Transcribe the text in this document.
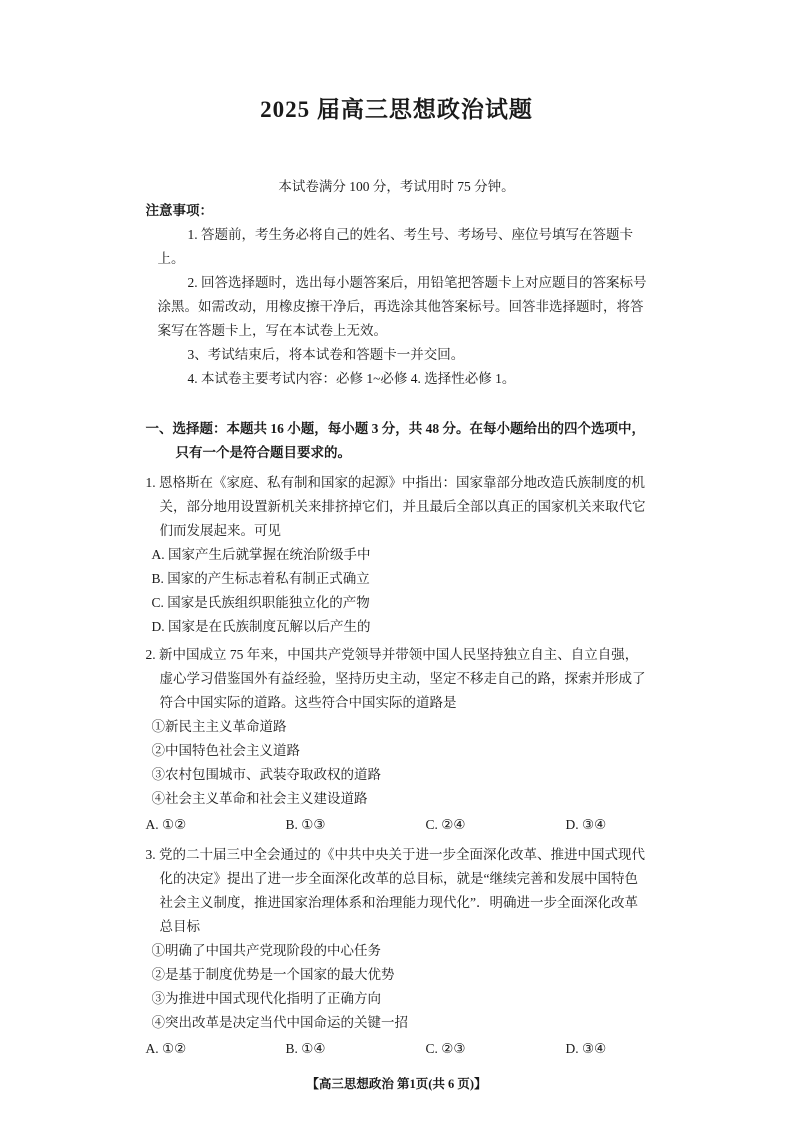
2025 届高三思想政治试题

本试卷满分 100 分，考试用时 75 分钟。

注意事项：

1. 答题前，考生务必将自己的姓名、考生号、考场号、座位号填写在答题卡上。

2. 回答选择题时，选出每小题答案后，用铅笔把答题卡上对应题目的答案标号涂黑。如需改动，用橡皮擦干净后，再选涂其他答案标号。回答非选择题时，将答案写在答题卡上，写在本试卷上无效。

3、考试结束后，将本试卷和答题卡一并交回。

4. 本试卷主要考试内容：必修 1~必修 4. 选择性必修 1。

一、选择题：本题共 16 小题，每小题 3 分，共 48 分。在每小题给出的四个选项中，只有一个是符合题目要求的。

1. 恩格斯在《家庭、私有制和国家的起源》中指出：国家靠部分地改造氏族制度的机关，部分地用设置新机关来排挤掉它们，并且最后全部以真正的国家机关来取代它们而发展起来。可见

A. 国家产生后就掌握在统治阶级手中

B. 国家的产生标志着私有制正式确立

C. 国家是氏族组织职能独立化的产物

D. 国家是在氏族制度瓦解以后产生的

2. 新中国成立 75 年来，中国共产党领导并带领中国人民坚持独立自主、自立自强，虚心学习借鉴国外有益经验，坚持历史主动，坚定不移走自己的路，探索并形成了符合中国实际的道路。这些符合中国实际的道路是

①新民主主义革命道路

②中国特色社会主义道路

③农村包围城市、武装夺取政权的道路

④社会主义革命和社会主义建设道路

A. ①②	B. ①③	C. ②④	D. ③④

3. 党的二十届三中全会通过的《中共中央关于进一步全面深化改革、推进中国式现代化的决定》提出了进一步全面深化改革的总目标，就是“继续完善和发展中国特色社会主义制度，推进国家治理体系和治理能力现代化”．明确进一步全面深化改革总目标

①明确了中国共产党现阶段的中心任务

②是基于制度优势是一个国家的最大优势

③为推进中国式现代化指明了正确方向

④突出改革是决定当代中国命运的关键一招

A. ①②	B. ①④	C. ②③	D. ③④

【高三思想政治 第1页(共 6 页)】
